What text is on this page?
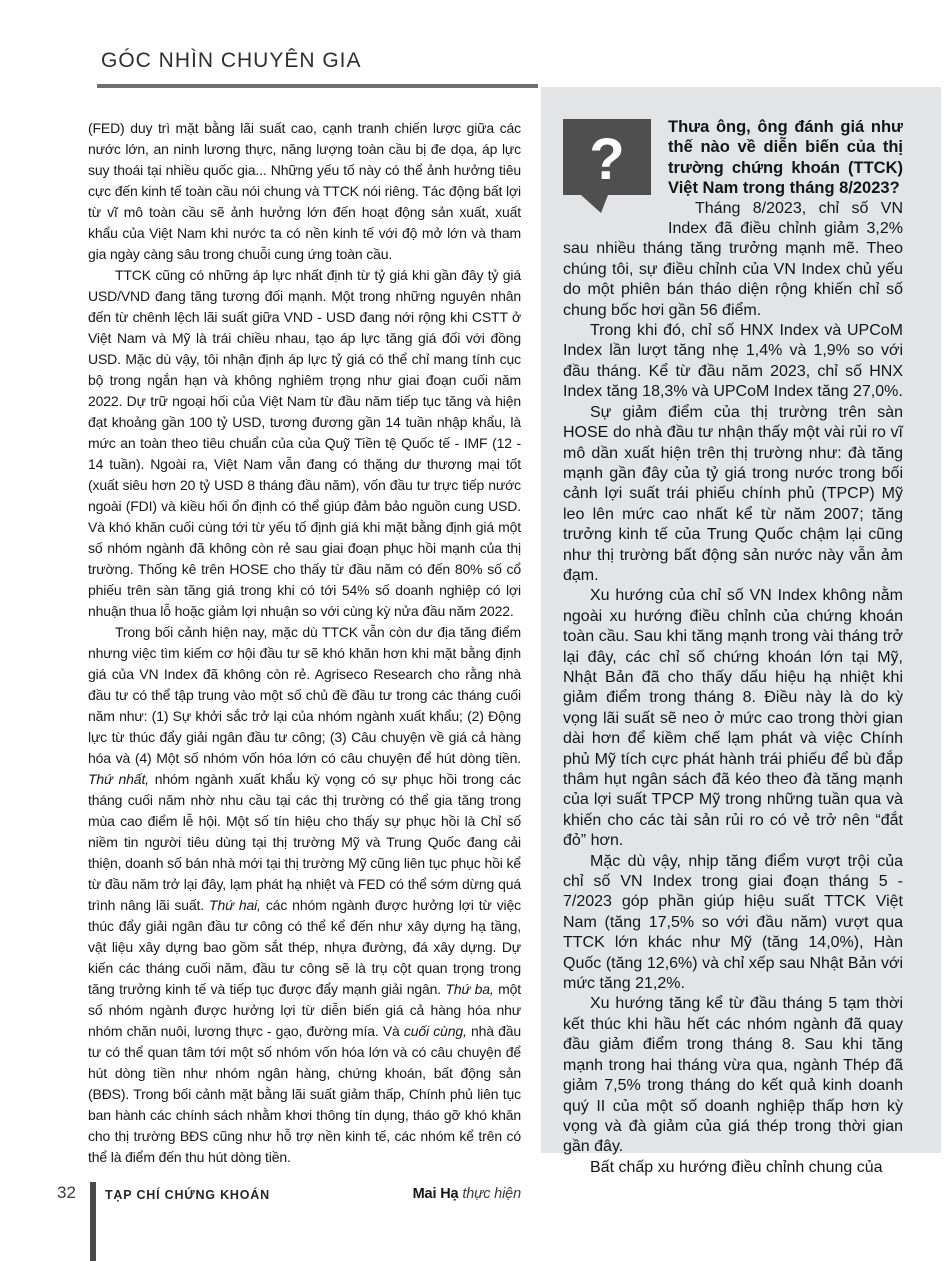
GÓC NHÌN CHUYÊN GIA

(FED) duy trì mặt bằng lãi suất cao, cạnh tranh chiến lược giữa các nước lớn, an ninh lương thực, năng lượng toàn cầu bị đe dọa, áp lực suy thoái tại nhiều quốc gia... Những yếu tố này có thể ảnh hưởng tiêu cực đến kinh tế toàn cầu nói chung và TTCK nói riêng. Tác động bất lợi từ vĩ mô toàn cầu sẽ ảnh hưởng lớn đến hoạt động sản xuất, xuất khẩu của Việt Nam khi nước ta có nền kinh tế với độ mở lớn và tham gia ngày càng sâu trong chuỗi cung ứng toàn cầu.

TTCK cũng có những áp lực nhất định từ tỷ giá khi gần đây tỷ giá USD/VND đang tăng tương đối mạnh. Một trong những nguyên nhân đến từ chênh lệch lãi suất giữa VND - USD đang nới rộng khi CSTT ở Việt Nam và Mỹ là trái chiều nhau, tạo áp lực tăng giá đối với đồng USD. Mặc dù vậy, tôi nhận định áp lực tỷ giá có thể chỉ mang tính cục bộ trong ngắn hạn và không nghiêm trọng như giai đoạn cuối năm 2022. Dự trữ ngoại hối của Việt Nam từ đầu năm tiếp tục tăng và hiện đạt khoảng gần 100 tỷ USD, tương đương gần 14 tuần nhập khẩu, là mức an toàn theo tiêu chuẩn của của Quỹ Tiền tệ Quốc tế - IMF (12 - 14 tuần). Ngoài ra, Việt Nam vẫn đang có thặng dư thương mại tốt (xuất siêu hơn 20 tỷ USD 8 tháng đầu năm), vốn đầu tư trực tiếp nước ngoài (FDI) và kiều hối ổn định có thể giúp đảm bảo nguồn cung USD. Và khó khăn cuối cùng tới từ yếu tố định giá khi mặt bằng định giá một số nhóm ngành đã không còn rẻ sau giai đoạn phục hồi mạnh của thị trường. Thống kê trên HOSE cho thấy từ đầu năm có đến 80% số cổ phiếu trên sàn tăng giá trong khi có tới 54% số doanh nghiệp có lợi nhuận thua lỗ hoặc giảm lợi nhuận so với cùng kỳ nửa đầu năm 2022.

Trong bối cảnh hiện nay, mặc dù TTCK vẫn còn dư địa tăng điểm nhưng việc tìm kiếm cơ hội đầu tư sẽ khó khăn hơn khi mặt bằng định giá của VN Index đã không còn rẻ. Agriseco Research cho rằng nhà đầu tư có thể tập trung vào một số chủ đề đầu tư trong các tháng cuối năm như: (1) Sự khởi sắc trở lại của nhóm ngành xuất khẩu; (2) Động lực từ thúc đẩy giải ngân đầu tư công; (3) Câu chuyện về giá cả hàng hóa và (4) Một số nhóm vốn hóa lớn có câu chuyện để hút dòng tiền. Thứ nhất, nhóm ngành xuất khẩu kỳ vọng có sự phục hồi trong các tháng cuối năm nhờ nhu cầu tại các thị trường có thể gia tăng trong mùa cao điểm lễ hội. Một số tín hiệu cho thấy sự phục hồi là Chỉ số niềm tin người tiêu dùng tại thị trường Mỹ và Trung Quốc đang cải thiện, doanh số bán nhà mới tại thị trường Mỹ cũng liên tục phục hồi kể từ đầu năm trở lại đây, lạm phát hạ nhiệt và FED có thể sớm dừng quá trình nâng lãi suất. Thứ hai, các nhóm ngành được hưởng lợi từ việc thúc đẩy giải ngân đầu tư công có thể kể đến như xây dựng hạ tầng, vật liệu xây dựng bao gồm sắt thép, nhựa đường, đá xây dựng. Dự kiến các tháng cuối năm, đầu tư công sẽ là trụ cột quan trọng trong tăng trưởng kinh tế và tiếp tục được đẩy mạnh giải ngân. Thứ ba, một số nhóm ngành được hưởng lợi từ diễn biến giá cả hàng hóa như nhóm chăn nuôi, lương thực - gạo, đường mía. Và cuối cùng, nhà đầu tư có thể quan tâm tới một số nhóm vốn hóa lớn và có câu chuyện để hút dòng tiền như nhóm ngân hàng, chứng khoán, bất động sản (BĐS). Trong bối cảnh mặt bằng lãi suất giảm thấp, Chính phủ liên tục ban hành các chính sách nhằm khơi thông tín dụng, tháo gỡ khó khăn cho thị trường BĐS cũng như hỗ trợ nền kinh tế, các nhóm kể trên có thể là điểm đến thu hút dòng tiền.

Mai Hạ thực hiện

?	Thưa ông, ông đánh giá như thế nào về diễn biến của thị trường chứng khoán (TTCK) Việt Nam trong tháng 8/2023?

Tháng 8/2023, chỉ số VN Index đã điều chỉnh giảm 3,2% sau nhiều tháng tăng trưởng mạnh mẽ. Theo chúng tôi, sự điều chỉnh của VN Index chủ yếu do một phiên bán tháo diện rộng khiến chỉ số chung bốc hơi gần 56 điểm.

Trong khi đó, chỉ số HNX Index và UPCoM Index lần lượt tăng nhẹ 1,4% và 1,9% so với đầu tháng. Kể từ đầu năm 2023, chỉ số HNX Index tăng 18,3% và UPCoM Index tăng 27,0%.

Sự giảm điểm của thị trường trên sàn HOSE do nhà đầu tư nhận thấy một vài rủi ro vĩ mô dần xuất hiện trên thị trường như: đà tăng mạnh gần đây của tỷ giá trong nước trong bối cảnh lợi suất trái phiếu chính phủ (TPCP) Mỹ leo lên mức cao nhất kể từ năm 2007; tăng trưởng kinh tế của Trung Quốc chậm lại cũng như thị trường bất động sản nước này vẫn ảm đạm.

Xu hướng của chỉ số VN Index không nằm ngoài xu hướng điều chỉnh của chứng khoán toàn cầu. Sau khi tăng mạnh trong vài tháng trở lại đây, các chỉ số chứng khoán lớn tại Mỹ, Nhật Bản đã cho thấy dấu hiệu hạ nhiệt khi giảm điểm trong tháng 8. Điều này là do kỳ vọng lãi suất sẽ neo ở mức cao trong thời gian dài hơn để kiềm chế lạm phát và việc Chính phủ Mỹ tích cực phát hành trái phiếu để bù đắp thâm hụt ngân sách đã kéo theo đà tăng mạnh của lợi suất TPCP Mỹ trong những tuần qua và khiến cho các tài sản rủi ro có vẻ trở nên “đắt đỏ” hơn.

Mặc dù vậy, nhịp tăng điểm vượt trội của chỉ số VN Index trong giai đoạn tháng 5 - 7/2023 góp phần giúp hiệu suất TTCK Việt Nam (tăng 17,5% so với đầu năm) vượt qua TTCK lớn khác như Mỹ (tăng 14,0%), Hàn Quốc (tăng 12,6%) và chỉ xếp sau Nhật Bản với mức tăng 21,2%.

Xu hướng tăng kể từ đầu tháng 5 tạm thời kết thúc khi hầu hết các nhóm ngành đã quay đầu giảm điểm trong tháng 8. Sau khi tăng mạnh trong hai tháng vừa qua, ngành Thép đã giảm 7,5% trong tháng do kết quả kinh doanh quý II của một số doanh nghiệp thấp hơn kỳ vọng và đà giảm của giá thép trong thời gian gần đây.

Bất chấp xu hướng điều chỉnh chung của

32 TẠP CHÍ CHỨNG KHOÁN
